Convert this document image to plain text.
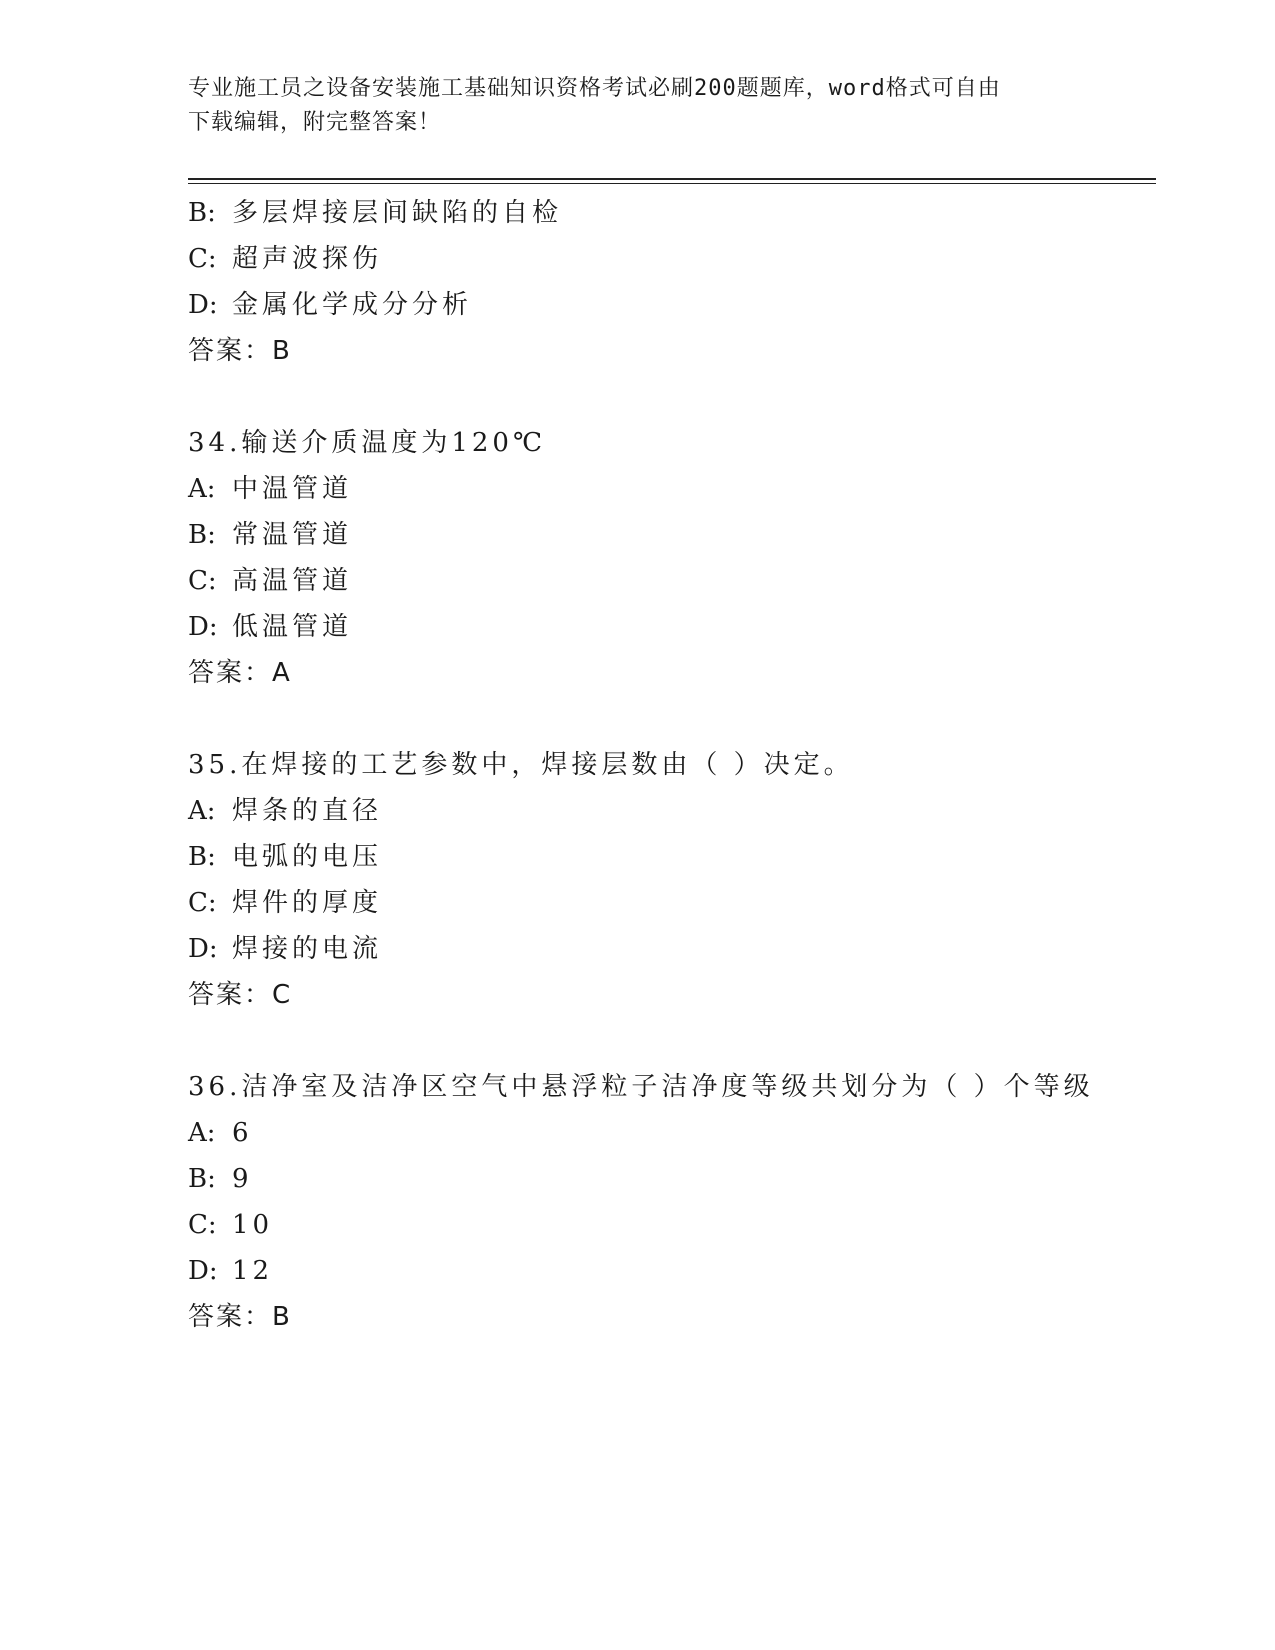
专业施工员之设备安装施工基础知识资格考试必刷200题题库，word格式可自由
下载编辑，附完整答案！
B: 多层焊接层间缺陷的自检
C: 超声波探伤
D: 金属化学成分分析
答案：B
34.输送介质温度为120℃
A: 中温管道
B: 常温管道
C: 高温管道
D: 低温管道
答案：A
35.在焊接的工艺参数中，焊接层数由（ ）决定。
A: 焊条的直径
B: 电弧的电压
C: 焊件的厚度
D: 焊接的电流
答案：C
36.洁净室及洁净区空气中悬浮粒子洁净度等级共划分为（ ）个等级
A: 6
B: 9
C: 10
D: 12
答案：B
